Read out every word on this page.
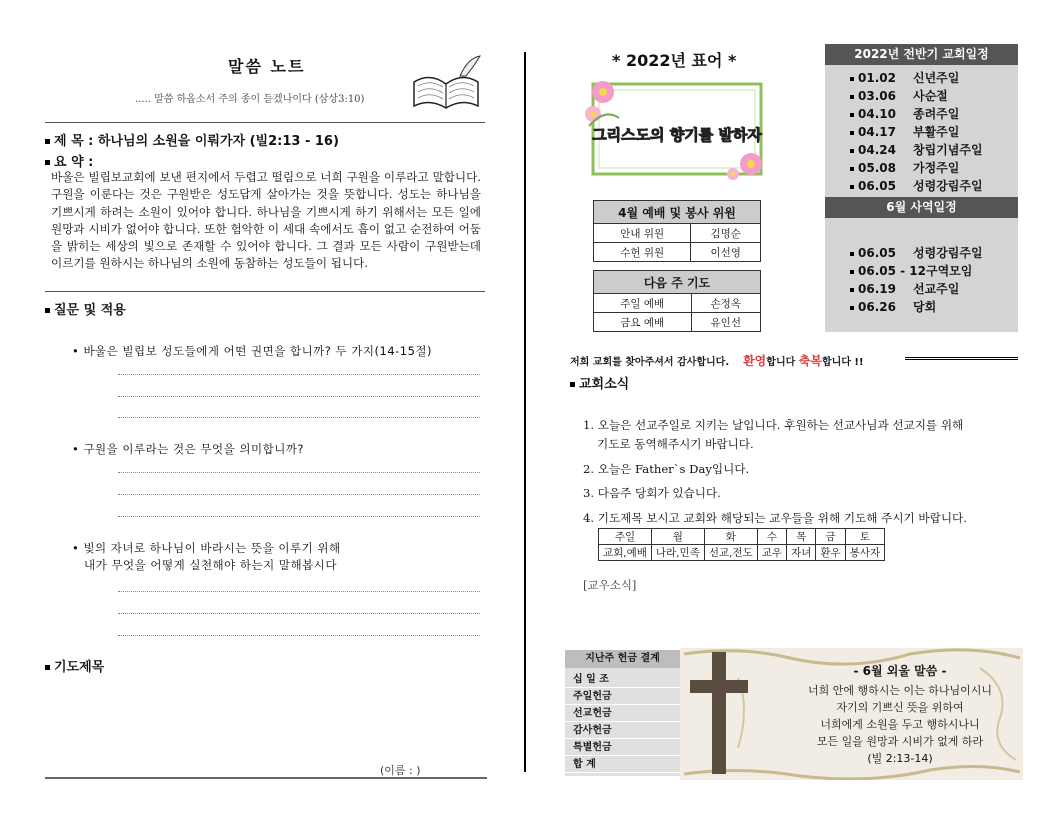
말씀 노트
..... 말씀 하옵소서 주의 종이 듣겠나이다 (삼상3:10)
제 목 : 하나님의 소원을 이뤄가자 (빌2:13 - 16)
요 약 :
바울은 빌립보교회에 보낸 편지에서 두렵고 떨림으로 너희 구원을 이루라고 말합니다. 구원을 이룬다는 것은 구원받은 성도답게 살아가는 것을 뜻합니다. 성도는 하나님을 기쁘시게 하려는 소원이 있어야 합니다. 하나님을 기쁘시게 하기 위해서는 모든 일에 원망과 시비가 없어야 합니다. 또한 험악한 이 세대 속에서도 흠이 없고 순전하여 어둠을 밝히는 세상의 빛으로 존재할 수 있어야 합니다. 그 결과 모든 사람이 구원받는데 이르기를 원하시는 하나님의 소원에 동참하는 성도들이 됩니다.
질문 및 적용
• 바울은 빌립보 성도들에게 어떤 권면을 합니까? 두 가지(14-15절)
• 구원을 이루라는 것은 무엇을 의미합니까?
• 빛의 자녀로 하나님이 바라시는 뜻을 이루기 위해
내가 무엇을 어떻게 실천해야 하는지 말해봅시다
기도제목
(이름 : )
* 2022년 표어 *
그리스도의 향기를 발하자
2022년 전반기 교회일정
01.02 신년주일
03.06 사순절
04.10 종려주일
04.17 부활주일
04.24 창립기념주일
05.08 가정주일
06.05 성령강림주일
6월 사역일정
06.05 성령강림주일
06.05 - 12구역모임
06.19 선교주일
06.26 당회
4월 예배 및 봉사 위원	
안내 위원	김명순
수헌 위원	이선영
다음 주 기도	
주일 예배	손정옥
금요 예배	유인선
저희 교회를 찾아주셔서 감사합니다. 환영합니다 축복합니다 !!
교회소식
1. 오늘은 선교주일로 지키는 날입니다. 후원하는 선교사님과 선교지를 위해
기도로 동역해주시기 바랍니다.
2. 오늘은 Father`s Day입니다.
3. 다음주 당회가 있습니다.
4. 기도제목 보시고 교회와 해당되는 교우들을 위해 기도해 주시기 바랍니다.
주일	월	화	수	목	금	토
교회,예배	나라,민족	선교,전도	교우	자녀	환우	봉사자
[교우소식]
지난주 헌금 결계
십 일 조
주일헌금
선교헌금
감사헌금
특별헌금
합 계
- 6월 외울 말씀 -
너희 안에 행하시는 이는 하나님이시니
자기의 기쁘신 뜻을 위하여
너희에게 소원을 두고 행하시나니
모든 일을 원망과 시비가 없게 하라
(빌 2:13-14)
